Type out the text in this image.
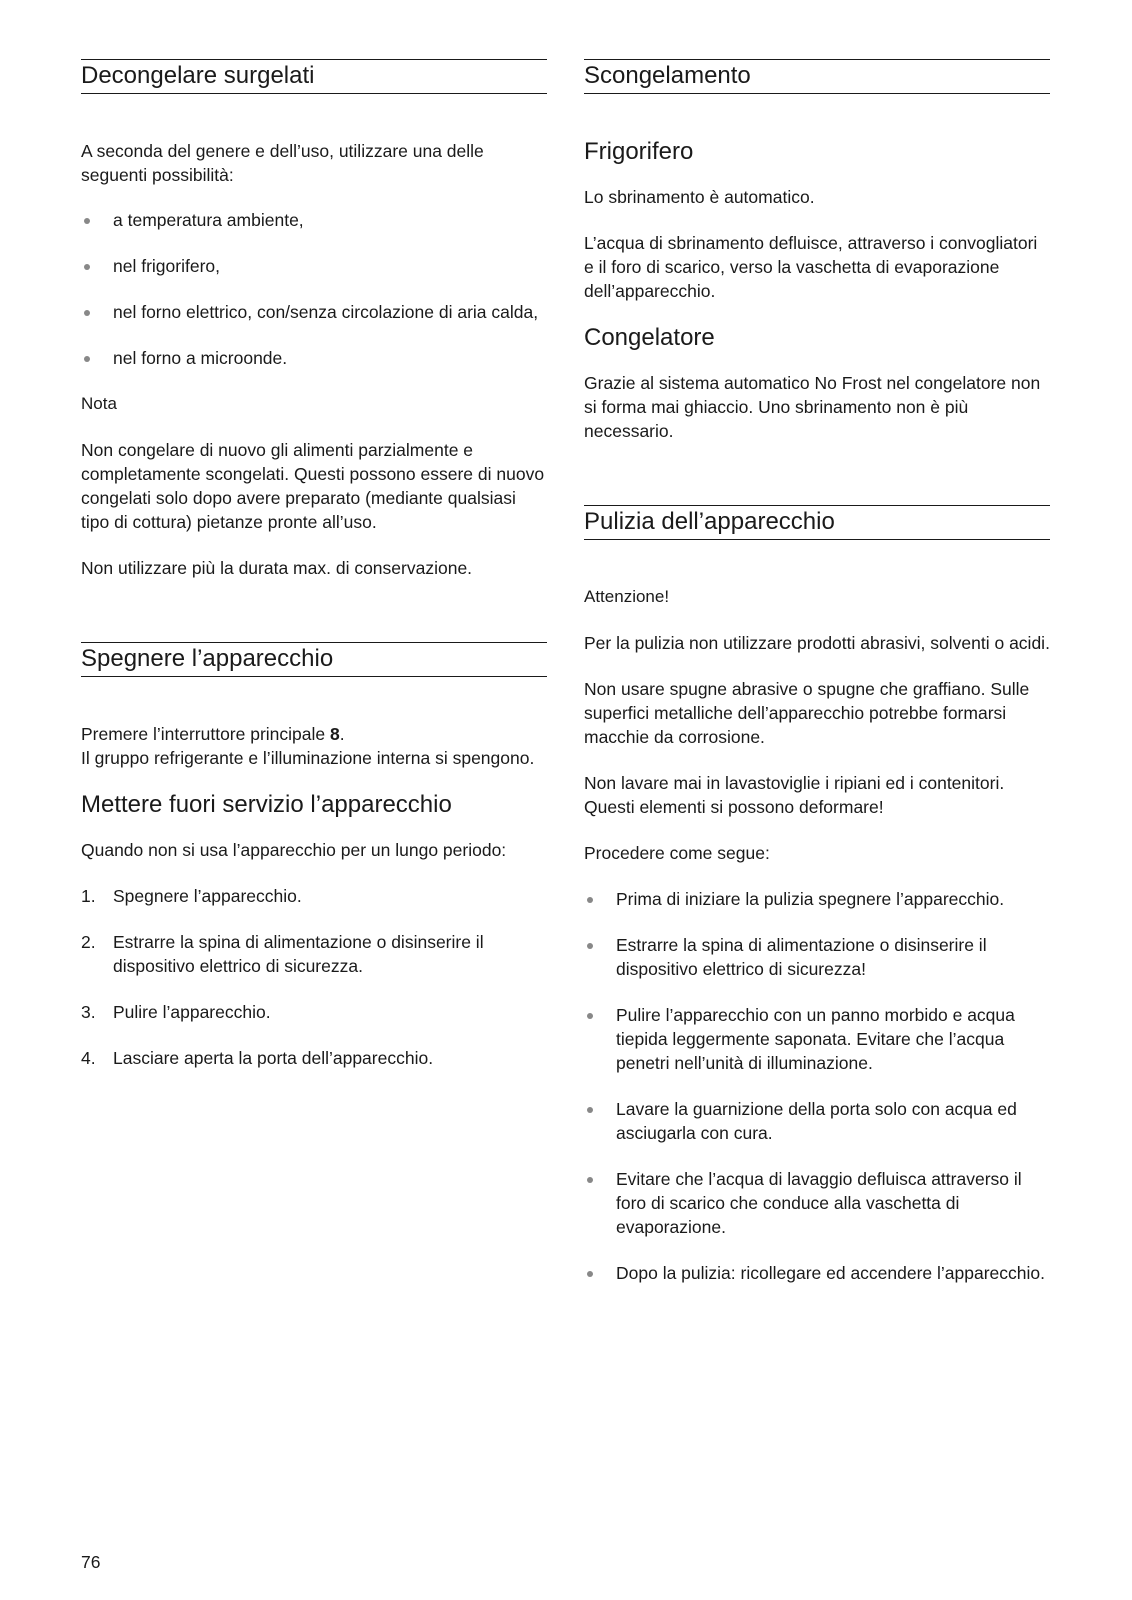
Decongelare surgelati

A seconda del genere e dell’uso, utilizzare una delle seguenti possibilità:

a temperatura ambiente,
nel frigorifero,
nel forno elettrico, con/senza circolazione di aria calda,
nel forno a microonde.

Nota

Non congelare di nuovo gli alimenti parzialmente e completamente scongelati. Questi possono essere di nuovo congelati solo dopo avere preparato (mediante qualsiasi tipo di cottura) pietanze pronte all’uso.

Non utilizzare più la durata max. di conservazione.

Spegnere l’apparecchio

Premere l’interruttore principale 8.
Il gruppo refrigerante e l’illuminazione interna si spengono.

Mettere fuori servizio l’apparecchio

Quando non si usa l’apparecchio per un lungo periodo:

1. Spegnere l’apparecchio.
2. Estrarre la spina di alimentazione o disinserire il dispositivo elettrico di sicurezza.
3. Pulire l’apparecchio.
4. Lasciare aperta la porta dell’apparecchio.
Scongelamento
Frigorifero

Lo sbrinamento è automatico.

L’acqua di sbrinamento defluisce, attraverso i convogliatori e il foro di scarico, verso la vaschetta di evaporazione dell’apparecchio.

Congelatore

Grazie al sistema automatico No Frost nel congelatore non si forma mai ghiaccio. Uno sbrinamento non è più necessario.

Pulizia dell’apparecchio

Attenzione!

Per la pulizia non utilizzare prodotti abrasivi, solventi o acidi.

Non usare spugne abrasive o spugne che graffiano. Sulle superfici metalliche dell’apparecchio potrebbe formarsi macchie da corrosione.

Non lavare mai in lavastoviglie i ripiani ed i contenitori. Questi elementi si possono deformare!

Procedere come segue:

Prima di iniziare la pulizia spegnere l’apparecchio.
Estrarre la spina di alimentazione o disinserire il dispositivo elettrico di sicurezza!
Pulire l’apparecchio con un panno morbido e acqua tiepida leggermente saponata. Evitare che l’acqua penetri nell’unità di illuminazione.
Lavare la guarnizione della porta solo con acqua ed asciugarla con cura.
Evitare che l’acqua di lavaggio defluisca attraverso il foro di scarico che conduce alla vaschetta di evaporazione.
Dopo la pulizia: ricollegare ed accendere l’apparecchio.
76
